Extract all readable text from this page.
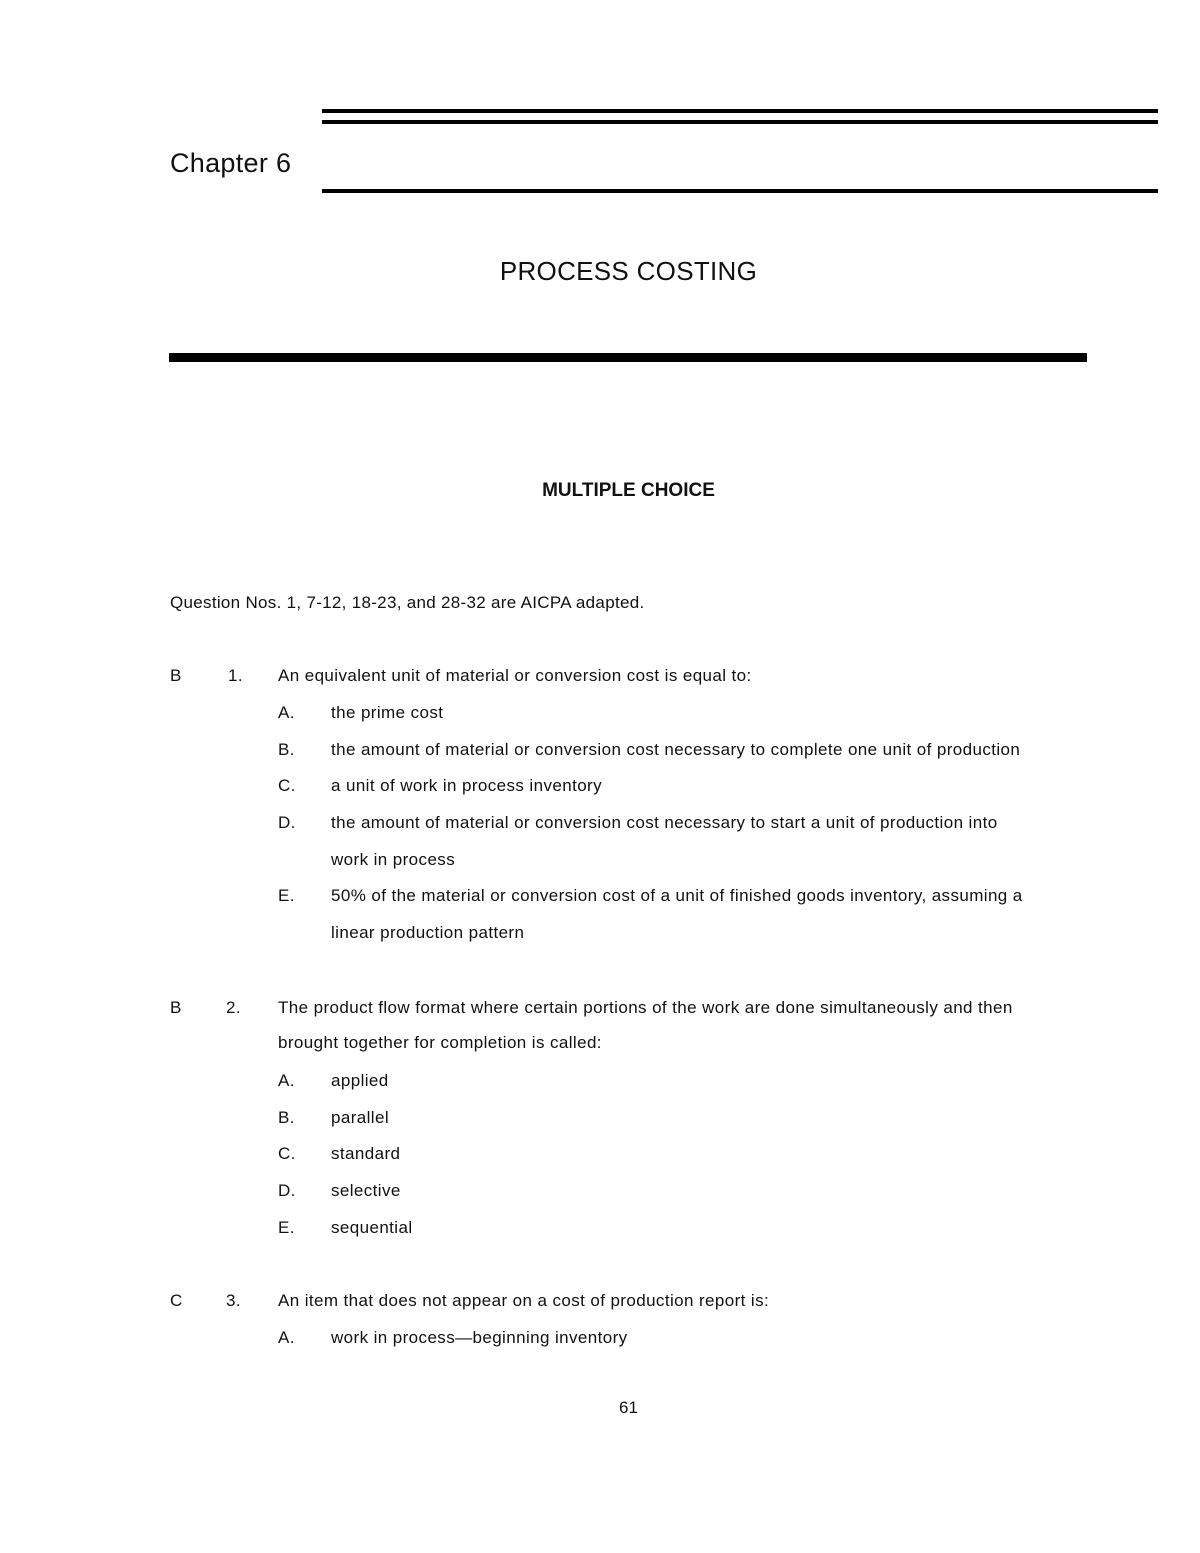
Chapter 6
PROCESS COSTING
MULTIPLE CHOICE
Question Nos. 1, 7-12, 18-23, and 28-32 are AICPA adapted.
B	1. An equivalent unit of material or conversion cost is equal to:
A. the prime cost
B. the amount of material or conversion cost necessary to complete one unit of production
C. a unit of work in process inventory
D. the amount of material or conversion cost necessary to start a unit of production into
work in process
E. 50% of the material or conversion cost of a unit of finished goods inventory, assuming a
linear production pattern
B	2. The product flow format where certain portions of the work are done simultaneously and then
brought together for completion is called:
A. applied
B. parallel
C. standard
D. selective
E. sequential
C	3. An item that does not appear on a cost of production report is:
A. work in process—beginning inventory
61
